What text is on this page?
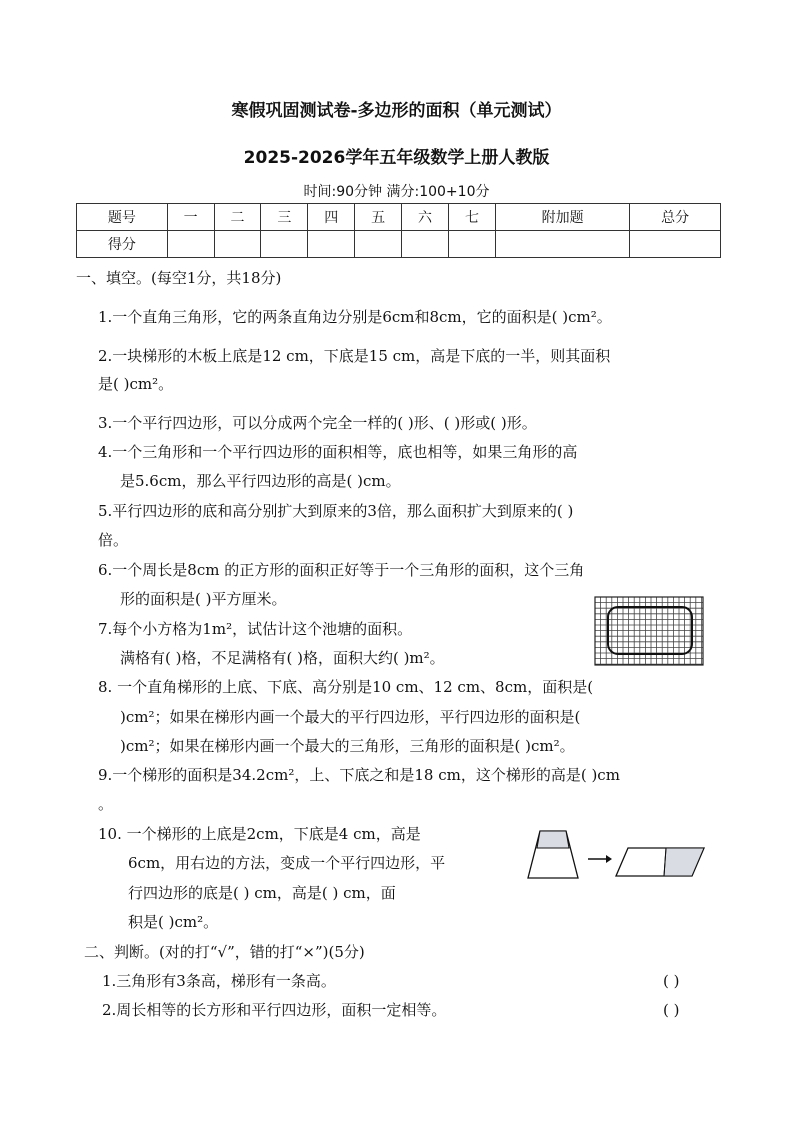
寒假巩固测试卷-多边形的面积（单元测试）
2025-2026学年五年级数学上册人教版
时间:90分钟 满分:100+10分
题号	一	二	三	四	五	六	七	附加题	总分
得分									
一、填空。(每空1分，共18分)
1.一个直角三角形，它的两条直角边分别是6cm和8cm，它的面积是( )cm²。
2.一块梯形的木板上底是12 cm，下底是15 cm，高是下底的一半，则其面积
是( )cm²。
3.一个平行四边形，可以分成两个完全一样的( )形、( )形或( )形。
4.一个三角形和一个平行四边形的面积相等，底也相等，如果三角形的高
是5.6cm，那么平行四边形的高是( )cm。
5.平行四边形的底和高分别扩大到原来的3倍，那么面积扩大到原来的( )
倍。
6.一个周长是8cm 的正方形的面积正好等于一个三角形的面积，这个三角
形的面积是( )平方厘米。
7.每个小方格为1m²，试估计这个池塘的面积。
满格有( )格，不足满格有( )格，面积大约( )m²。
8. 一个直角梯形的上底、下底、高分别是10 cm、12 cm、8cm，面积是(
)cm²；如果在梯形内画一个最大的平行四边形，平行四边形的面积是(
)cm²；如果在梯形内画一个最大的三角形，三角形的面积是( )cm²。
9.一个梯形的面积是34.2cm²，上、下底之和是18 cm，这个梯形的高是( )cm
。
10. 一个梯形的上底是2cm，下底是4 cm，高是
6cm，用右边的方法，变成一个平行四边形，平
行四边形的底是( ) cm，高是( ) cm，面
积是( )cm²。
二、判断。(对的打“√”，错的打“×”)(5分)
1.三角形有3条高，梯形有一条高。	( )
2.周长相等的长方形和平行四边形，面积一定相等。	( )
